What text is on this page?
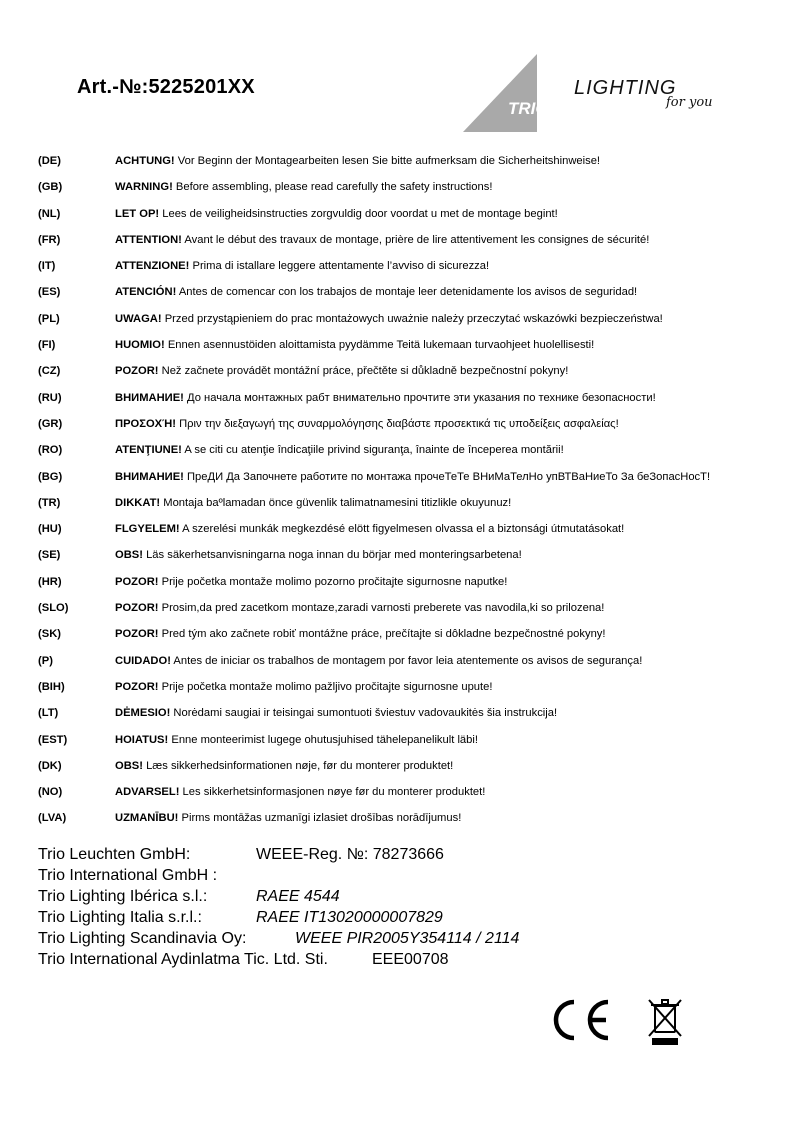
Art.-№:5225201XX
TRIO
LIGHTING
for you
(DE)	ACHTUNG! Vor Beginn der Montagearbeiten lesen Sie bitte aufmerksam die Sicherheitshinweise!
(GB)	WARNING! Before assembling, please read carefully the safety instructions!
(NL)	LET OP! Lees de veiligheidsinstructies zorgvuldig door voordat u met de montage begint!
(FR)	ATTENTION! Avant le début des travaux de montage, prière de lire attentivement les consignes de sécurité!
(IT)	ATTENZIONE! Prima di istallare leggere attentamente l’avviso di sicurezza!
(ES)	ATENCIÓN! Antes de comencar con los trabajos de montaje leer detenidamente los avisos de seguridad!
(PL)	UWAGA! Przed przystąpieniem do prac montażowych uważnie należy przeczytać wskazówki bezpieczeństwa!
(FI)	HUOMIO! Ennen asennustöiden aloittamista pyydämme Teitä lukemaan turvaohjeet huolellisesti!
(CZ)	POZOR! Než začnete provádět montážní práce, přečtěte si důkladně bezpečnostní pokyny!
(RU)	ВНИМАНИЕ! До начала монтажных рабт внимательно прочтите эти указания по технике безопасности!
(GR)	ΠΡΟΣΟΧΉ! Πριν την διεξαγωγή της συναρμολόγησης διαβάστε προσεκτικά τις υποδείξεις ασφαλείας!
(RO)	ATENŢIUNE! A se citi cu atenţie îndicaţiile privind siguranţa, înainte de începerea montării!
(BG)	ВНИМАНИЕ! ПреДИ Да Започнете работите по монтажа прочеТеТе ВНиМаТелНо упВТВаНиеТо За беЗопасНосТ!
(TR)	DIKKAT! Montaja baºlamadan önce güvenlik talimatnamesini titizlikle okuyunuz!
(HU)	FLGYELEM! A szerelési munkák megkezdésé elött figyelmesen olvassa el a biztonsági útmutatásokat!
(SE)	OBS! Läs säkerhetsanvisningarna noga innan du börjar med monteringsarbetena!
(HR)	POZOR! Prije početka montaže molimo pozorno pročitajte sigurnosne naputke!
(SLO)	POZOR! Prosim,da pred zacetkom montaze,zaradi varnosti preberete vas navodila,ki so prilozena!
(SK)	POZOR! Pred tým ako začnete robiť montážne práce, prečítajte si dôkladne bezpečnostné pokyny!
(P)	CUIDADO! Antes de iniciar os trabalhos de montagem por favor leia atentemente os avisos de segurança!
(BIH)	POZOR! Prije početka montaže molimo pažljivo pročitajte sigurnosne upute!
(LT)	DĖMESIO! Norėdami saugiai ir teisingai sumontuoti šviestuv vadovaukitės šia instrukcija!
(EST)	HOIATUS! Enne monteerimist lugege ohutusjuhised tähelepanelikult läbi!
(DK)	OBS! Læs sikkerhedsinformationen nøje, før du monterer produktet!
(NO)	ADVARSEL! Les sikkerhetsinformasjonen nøye før du monterer produktet!
(LVA)	UZMANĪBU! Pirms montāžas uzmanīgi izlasiet drošības norādījumus!
Trio Leuchten GmbH:	WEEE-Reg. №: 78273666
Trio International GmbH :
Trio Lighting Ibérica s.l.:	RAEE 4544
Trio Lighting Italia s.r.l.:	RAEE IT13020000007829
Trio Lighting Scandinavia Oy:	WEEE PIR2005Y354114 / 2114
Trio International Aydinlatma Tic. Ltd. Sti.	EEE00708
